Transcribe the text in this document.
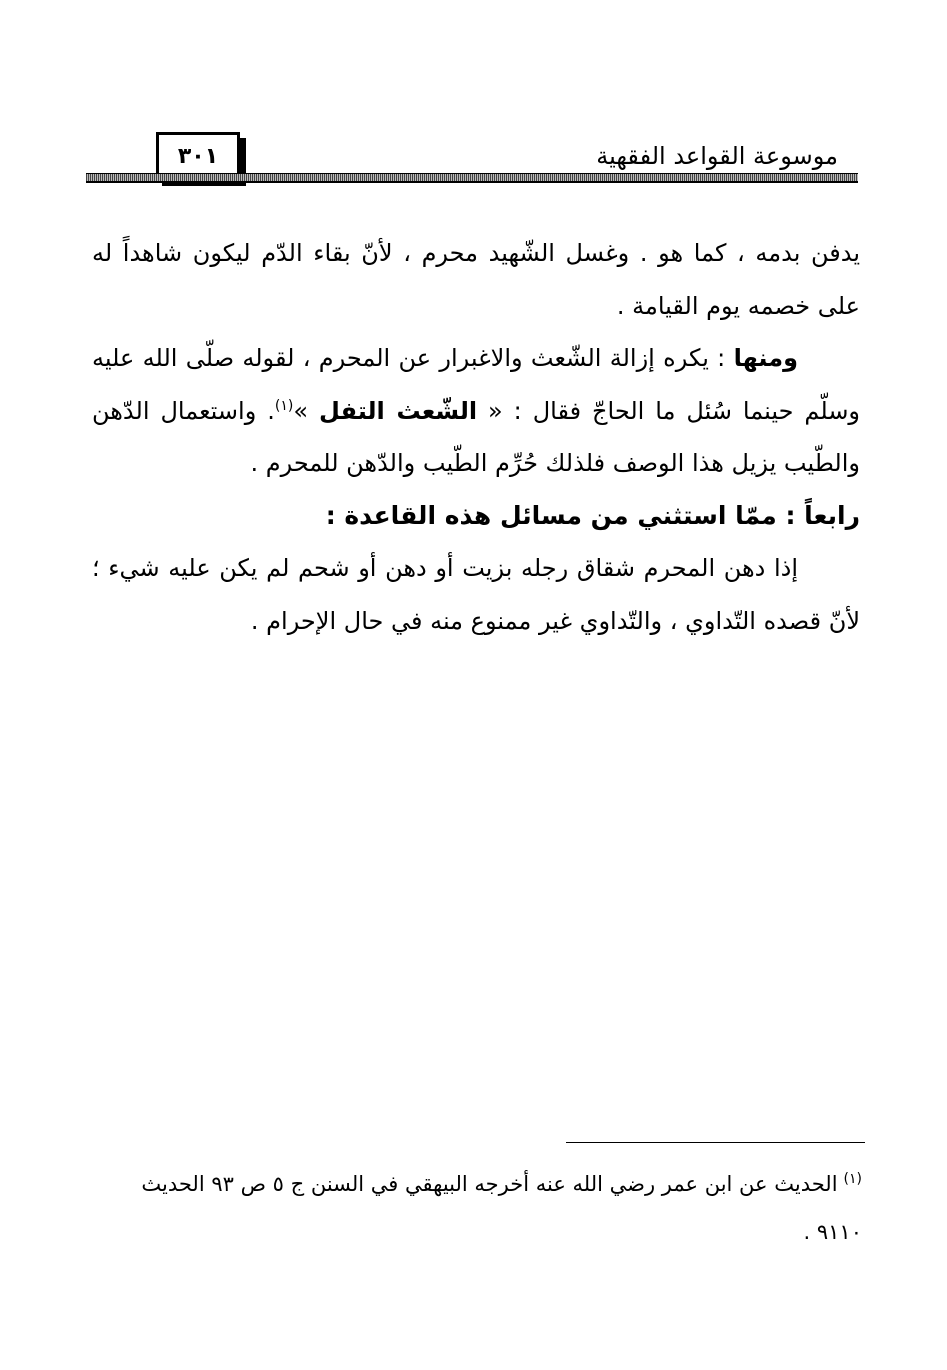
موسوعة القواعد الفقهية
٣٠١

يدفن بدمه ، كما هو . وغسل الشّهيد محرم ، لأنّ بقاء الدّم ليكون شاهداً له على خصمه يوم القيامة .

ومنها : يكره إزالة الشّعث والاغبرار عن المحرم ، لقوله صلّى الله عليه وسلّم حينما سُئل ما الحاجّ فقال : « الشّعث التفل »$^{(١)}$. واستعمال الدّهن والطّيب يزيل هذا الوصف فلذلك حُرِّم الطّيب والدّهن للمحرم .

رابعاً : ممّا استثني من مسائل هذه القاعدة :

إذا دهن المحرم شقاق رجله بزيت أو دهن أو شحم لم يكن عليه شيء ؛ لأنّ قصده التّداوي ، والتّداوي غير ممنوع منه في حال الإحرام .

$^{(١)}$الحديث عن ابن عمر رضي الله عنه أخرجه البيهقي في السنن ج ٥ ص ٩٣ الحديث ٩١١٠ .
